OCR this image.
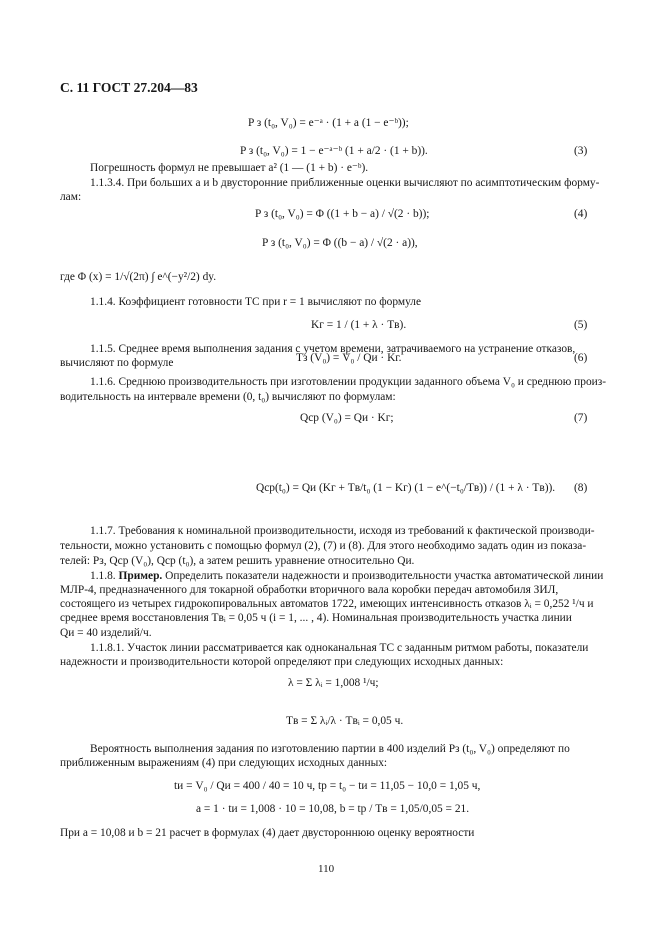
С. 11 ГОСТ 27.204—83
P з (t₀, V₀) = e⁻ᵃ · (1 + a (1 − e⁻ᵇ));
P з (t₀, V₀) = 1 − e⁻ᵃ⁻ᵇ (1 + a/2 · (1 + b)).	(3)
Погрешность формул не превышает a² (1 — (1 + b) · e⁻ᵇ).
1.1.3.4. При больших a и b двусторонние приближенные оценки вычисляют по асимптотическим форму-
лам:
P з (t₀, V₀) = Φ ((1 + b − a) / √(2 · b));	(4)
P з (t₀, V₀) = Φ ((b − a) / √(2 · a)),
где Φ (x) = 1/√(2π) ∫ e^(−y²/2) dy.
1.1.4. Коэффициент готовности ТС при r = 1 вычисляют по формуле
Kг = 1 / (1 + λ · Tв).	(5)
1.1.5. Среднее время выполнения задания с учетом времени, затрачиваемого на устранение отказов,
вычисляют по формуле	Tз (V₀) = V₀ / Qи · Kг.	(6)
1.1.6. Среднюю производительность при изготовлении продукции заданного объема V₀ и среднюю произ-
водительность на интервале времени (0, t₀) вычисляют по формулам:
Qср (V₀) = Qи · Kг;	(7)
Qср(t₀) = Qи (Kг + Tв/t₀ (1 − Kг) (1 − e^(−t₀/Tв)) / (1 + λ · Tв)). (8)
1.1.7. Требования к номинальной производительности, исходя из требований к фактической производи-
тельности, можно установить с помощью формул (2), (7) и (8). Для этого необходимо задать один из показа-
телей: Pз, Qср (V₀), Qср (t₀), а затем решить уравнение относительно Qи.
1.1.8. Пример. Определить показатели надежности и производительности участка автоматической линии
МЛР-4, предназначенного для токарной обработки вторичного вала коробки передач автомобиля ЗИЛ,
состоящего из четырех гидрокопировальных автоматов 1722, имеющих интенсивность отказов λᵢ = 0,252 ¹/ч и
среднее время восстановления Tвᵢ = 0,05 ч (i = 1, ... , 4). Номинальная производительность участка линии
Qи = 40 изделий/ч.
1.1.8.1. Участок линии рассматривается как одноканальная ТС с заданным ритмом работы, показатели
надежности и производительности которой определяют при следующих исходных данных:
λ = Σ λᵢ = 1,008 ¹/ч;
Tв = Σ λᵢ/λ · Tвᵢ = 0,05 ч.
Вероятность выполнения задания по изготовлению партии в 400 изделий Pз (t₀, V₀) определяют по
приближенным выражениям (4) при следующих исходных данных:
tи = V₀ / Qи = 400 / 40 = 10 ч, tр = t₀ − tи = 11,05 − 10,0 = 1,05 ч,
a = 1 · tи = 1,008 · 10 = 10,08, b = tр / Tв = 1,05/0,05 = 21.
При a = 10,08 и b = 21 расчет в формулах (4) дает двустороннюю оценку вероятности
110
